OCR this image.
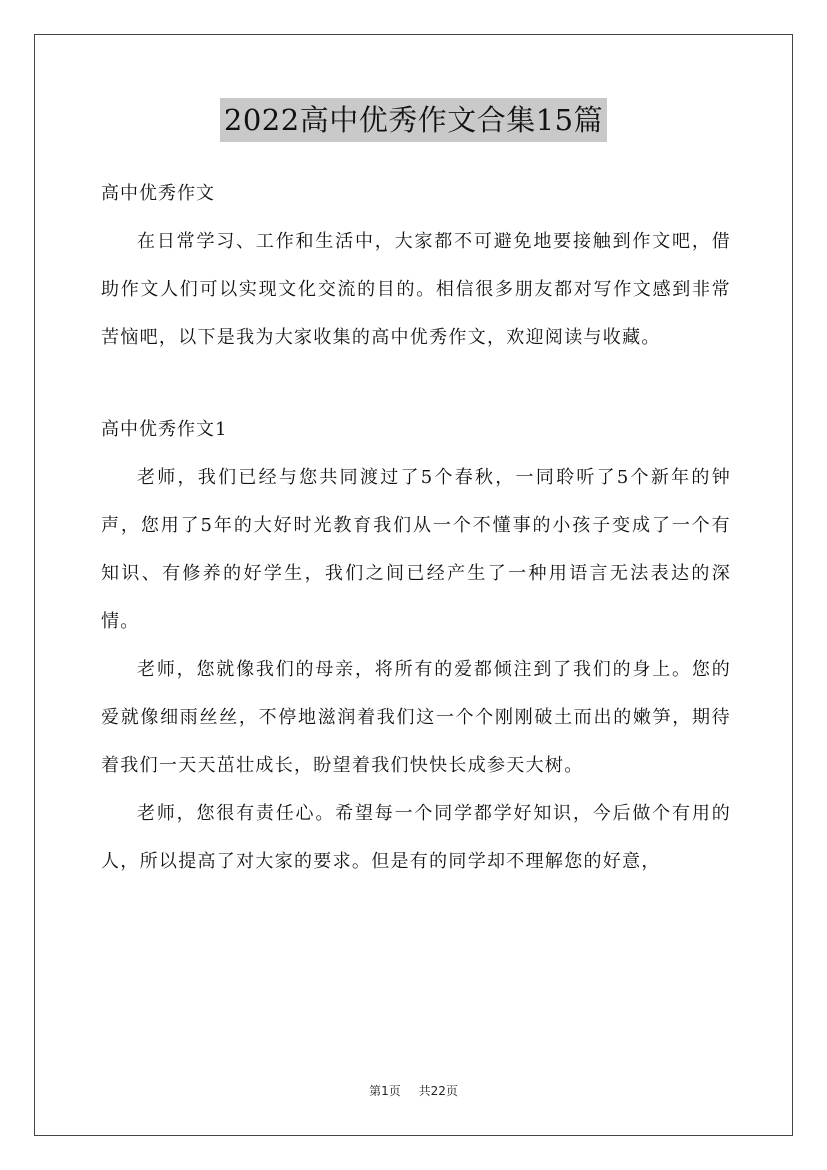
2022高中优秀作文合集15篇

高中优秀作文

在日常学习、工作和生活中，大家都不可避免地要接触到作文吧，借助作文人们可以实现文化交流的目的。相信很多朋友都对写作文感到非常苦恼吧，以下是我为大家收集的高中优秀作文，欢迎阅读与收藏。

高中优秀作文1

老师，我们已经与您共同渡过了5个春秋，一同聆听了5个新年的钟声，您用了5年的大好时光教育我们从一个不懂事的小孩子变成了一个有知识、有修养的好学生，我们之间已经产生了一种用语言无法表达的深情。

老师，您就像我们的母亲，将所有的爱都倾注到了我们的身上。您的爱就像细雨丝丝，不停地滋润着我们这一个个刚刚破土而出的嫩笋，期待着我们一天天茁壮成长，盼望着我们快快长成参天大树。

老师，您很有责任心。希望每一个同学都学好知识，今后做个有用的人，所以提高了对大家的要求。但是有的同学却不理解您的好意，

第1页 共22页
